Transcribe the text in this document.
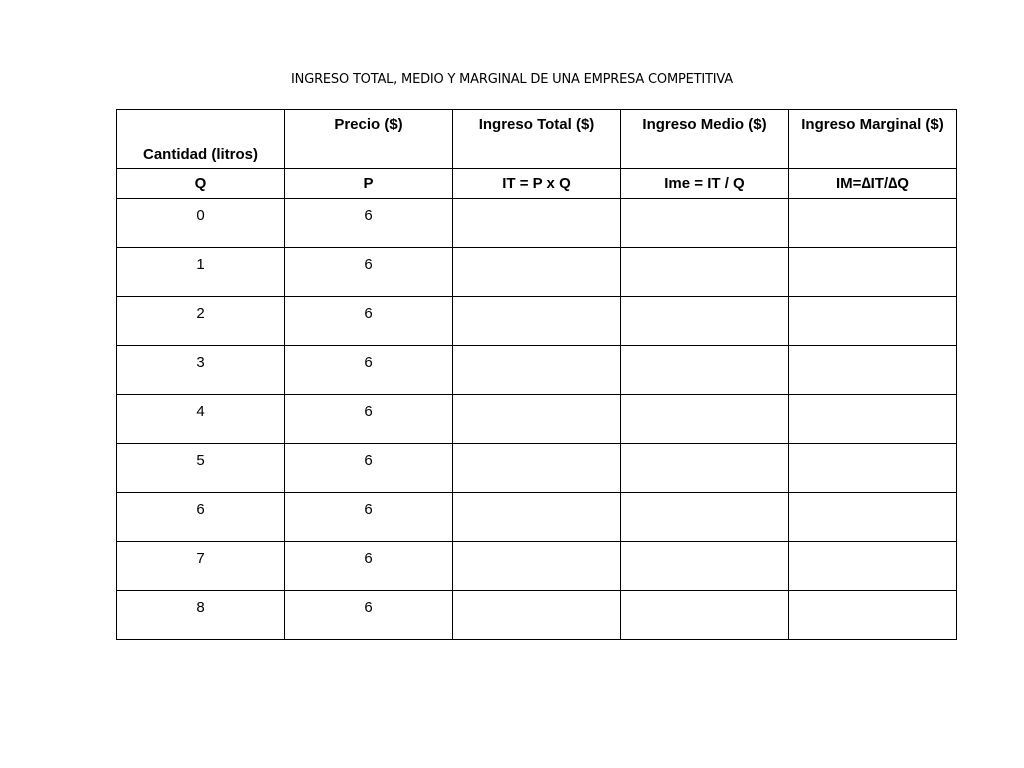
INGRESO TOTAL, MEDIO Y MARGINAL DE UNA EMPRESA COMPETITIVA
Cantidad (litros)	Precio ($)	Ingreso Total ($)	Ingreso Medio ($)	Ingreso Marginal ($)
Q	P	IT = P x Q	Ime = IT / Q	IM=∆IT/∆Q
0	6			
1	6			
2	6			
3	6			
4	6			
5	6			
6	6			
7	6			
8	6			
